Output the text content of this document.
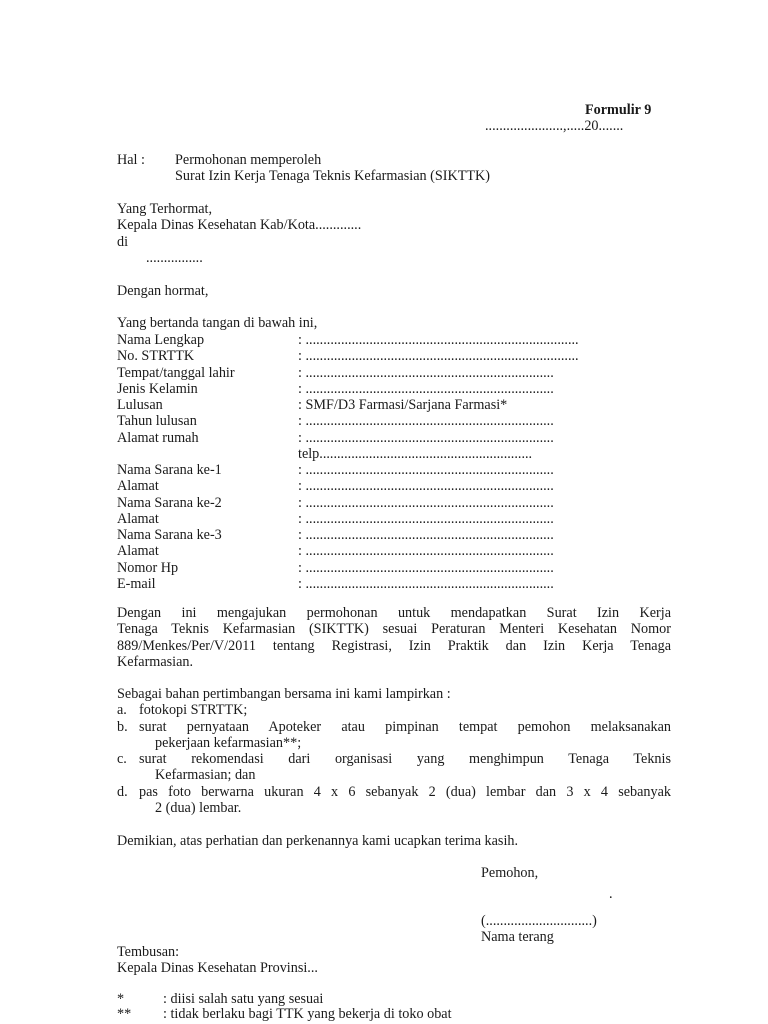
Formulir 9
......................,.....20.......
Hal : Permohonan memperoleh
Surat Izin Kerja Tenaga Teknis Kefarmasian (SIKTTK)
Yang Terhormat,
Kepala Dinas Kesehatan Kab/Kota.............
di
................
Dengan hormat,
Yang bertanda tangan di bawah ini,
Nama Lengkap	: .............................................................................
No. STRTTK	: .............................................................................
Tempat/tanggal lahir	: ......................................................................
Jenis Kelamin	: ......................................................................
Lulusan	: SMF/D3 Farmasi/Sarjana Farmasi*
Tahun lulusan	: ......................................................................
Alamat rumah	: ......................................................................
telp............................................................
Nama Sarana ke-1	: ......................................................................
Alamat	: ......................................................................
Nama Sarana ke-2	: ......................................................................
Alamat	: ......................................................................
Nama Sarana ke-3	: ......................................................................
Alamat	: ......................................................................
Nomor Hp	: ......................................................................
E-mail	: ......................................................................
Dengan ini mengajukan permohonan untuk mendapatkan Surat Izin Kerja
Tenaga Teknis Kefarmasian (SIKTTK) sesuai Peraturan Menteri Kesehatan Nomor
889/Menkes/Per/V/2011 tentang Registrasi, Izin Praktik dan Izin Kerja Tenaga
Kefarmasian.
Sebagai bahan pertimbangan bersama ini kami lampirkan :
a. fotokopi STRTTK;
b. surat pernyataan Apoteker atau pimpinan tempat pemohon melaksanakan
pekerjaan kefarmasian**;
c. surat rekomendasi dari organisasi yang menghimpun Tenaga Teknis
Kefarmasian; dan
d. pas foto berwarna ukuran 4 x 6 sebanyak 2 (dua) lembar dan 3 x 4 sebanyak
2 (dua) lembar.
Demikian, atas perhatian dan perkenannya kami ucapkan terima kasih.
Pemohon,
.
(..............................)
Nama terang
Tembusan:
Kepala Dinas Kesehatan Provinsi...
*	: diisi salah satu yang sesuai
** : tidak berlaku bagi TTK yang bekerja di toko obat
